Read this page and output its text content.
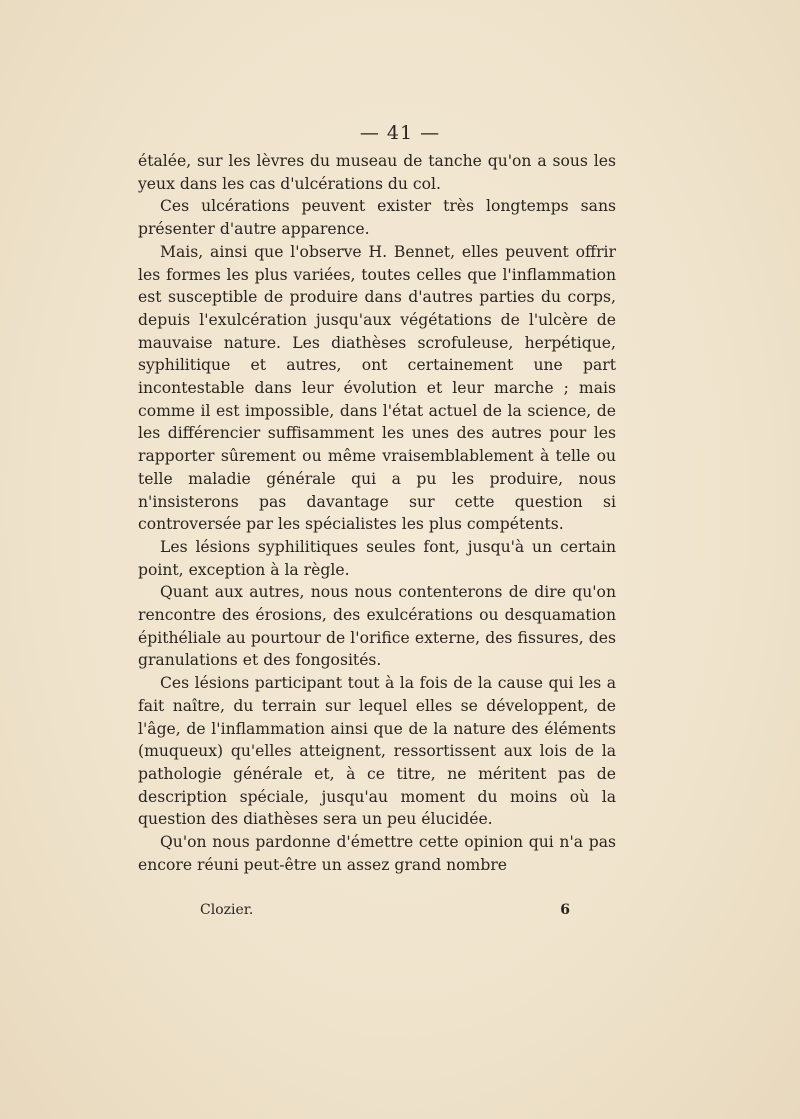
— 41 —

étalée, sur les lèvres du museau de tanche qu'on a sous les yeux dans les cas d'ulcérations du col.

Ces ulcérations peuvent exister très longtemps sans présenter d'autre apparence.

Mais, ainsi que l'observe H. Bennet, elles peuvent offrir les formes les plus variées, toutes celles que l'inflammation est susceptible de produire dans d'autres parties du corps, depuis l'exulcération jusqu'aux végétations de l'ulcère de mauvaise nature. Les diathèses scrofuleuse, herpétique, syphilitique et autres, ont certainement une part incontestable dans leur évolution et leur marche ; mais comme il est impossible, dans l'état actuel de la science, de les différencier suffisamment les unes des autres pour les rapporter sûrement ou même vraisemblablement à telle ou telle maladie générale qui a pu les produire, nous n'insisterons pas davantage sur cette question si controversée par les spécialistes les plus compétents.

Les lésions syphilitiques seules font, jusqu'à un certain point, exception à la règle.

Quant aux autres, nous nous contenterons de dire qu'on rencontre des érosions, des exulcérations ou desquamation épithéliale au pourtour de l'orifice externe, des fissures, des granulations et des fongosités.

Ces lésions participant tout à la fois de la cause qui les a fait naître, du terrain sur lequel elles se développent, de l'âge, de l'inflammation ainsi que de la nature des éléments (muqueux) qu'elles atteignent, ressortissent aux lois de la pathologie générale et, à ce titre, ne méritent pas de description spéciale, jusqu'au moment du moins où la question des diathèses sera un peu élucidée.

Qu'on nous pardonne d'émettre cette opinion qui n'a pas encore réuni peut-être un assez grand nombre

Clozier.	6
